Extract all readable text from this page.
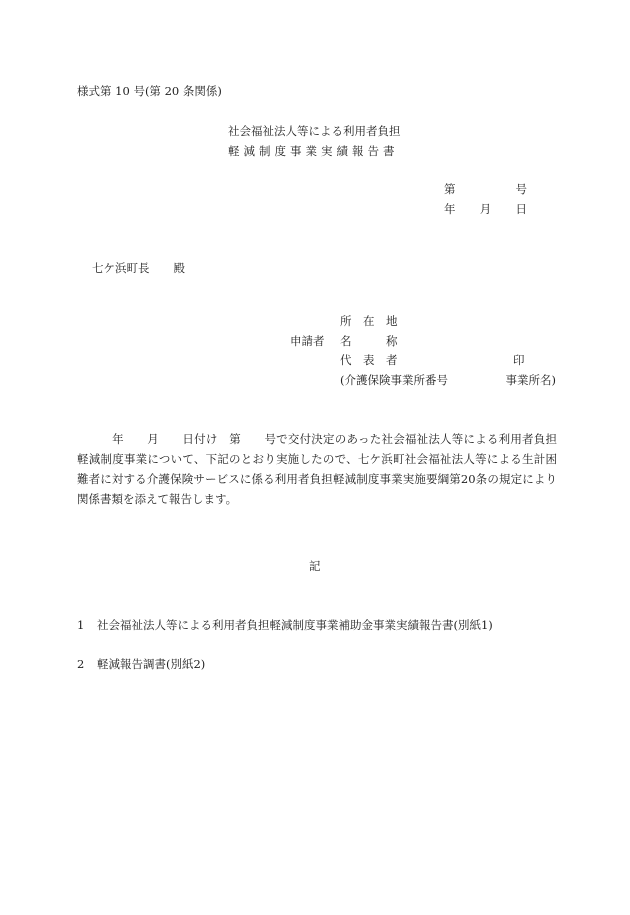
様式第 10 号(第 20 条関係)
社会福祉法人等による利用者負担
軽減制度事業実績報告書
第	号
年 月 日
七ケ浜町長 殿
申請者
所　在　地
名　　　称
代　表　者	印
(介護保険事業所番号　　　　　事業所名)
　　　年　　月　　日付け　第　　号で交付決定のあった社会福祉法人等による利用者負担軽減制度事業について、下記のとおり実施したので、七ケ浜町社会福祉法人等による生計困難者に対する介護保険サービスに係る利用者負担軽減制度事業実施要綱第20条の規定により関係書類を添えて報告します。
記
1 社会福祉法人等による利用者負担軽減制度事業補助金事業実績報告書(別紙1)
2 軽減報告調書(別紙2)
